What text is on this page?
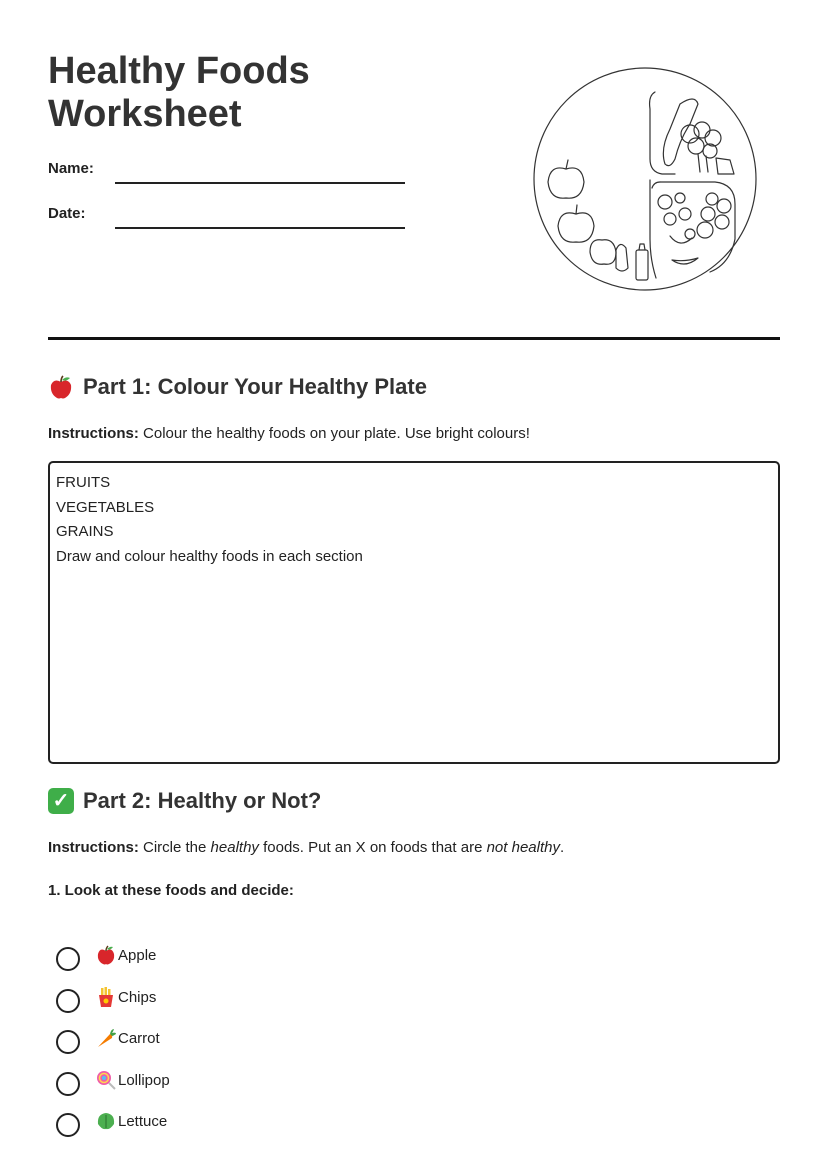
Healthy Foods
Worksheet
Name:
Date:
Part 1: Colour Your Healthy Plate
Instructions: Colour the healthy foods on your plate. Use bright colours!
FRUITS
VEGETABLES
GRAINS
Draw and colour healthy foods in each section
✓ Part 2: Healthy or Not?
Instructions: Circle the healthy foods. Put an X on foods that are not healthy.
1. Look at these foods and decide:
Apple
Chips
Carrot
Lollipop
Lettuce
